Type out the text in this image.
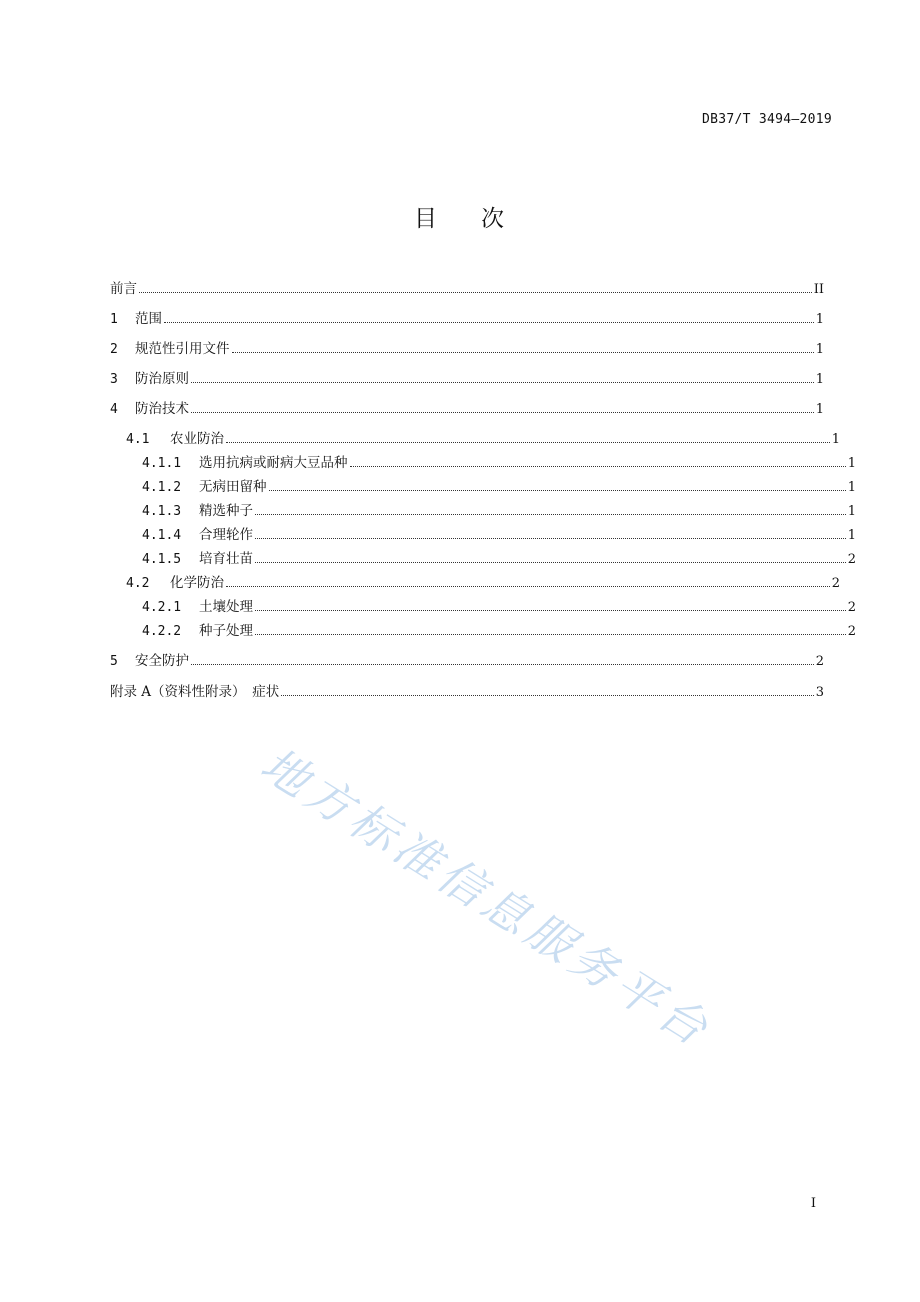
DB37/T 3494—2019
目 次
前言	II
1	范围	1
2	规范性引用文件	1
3	防治原则	1
4	防治技术	1
4.1	农业防治	1
4.1.1	选用抗病或耐病大豆品种	1
4.1.2	无病田留种	1
4.1.3	精选种子	1
4.1.4	合理轮作	1
4.1.5	培育壮苗	2
4.2	化学防治	2
4.2.1	土壤处理	2
4.2.2	种子处理	2
5	安全防护	2
附录 A（资料性附录）　症状	3
地方标准信息服务平台
I
